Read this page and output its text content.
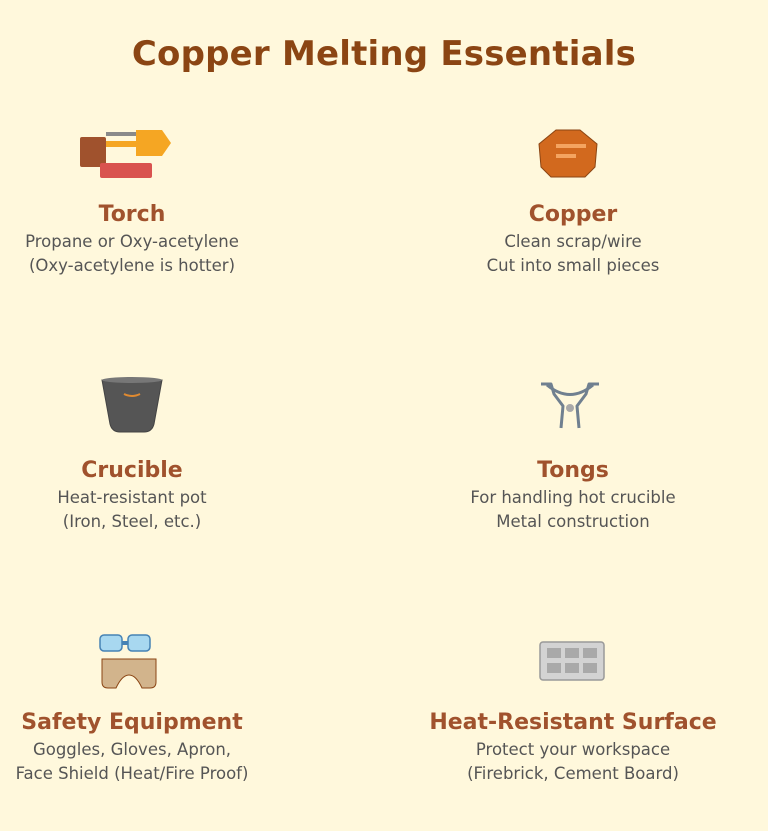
Copper Melting Essentials
Torch
Propane or Oxy-acetylene
(Oxy-acetylene is hotter)
Copper
Clean scrap/wire
Cut into small pieces
Crucible
Heat-resistant pot
(Iron, Steel, etc.)
Tongs
For handling hot crucible
Metal construction
Safety Equipment
Goggles, Gloves, Apron,
Face Shield (Heat/Fire Proof)
Heat-Resistant Surface
Protect your workspace
(Firebrick, Cement Board)
